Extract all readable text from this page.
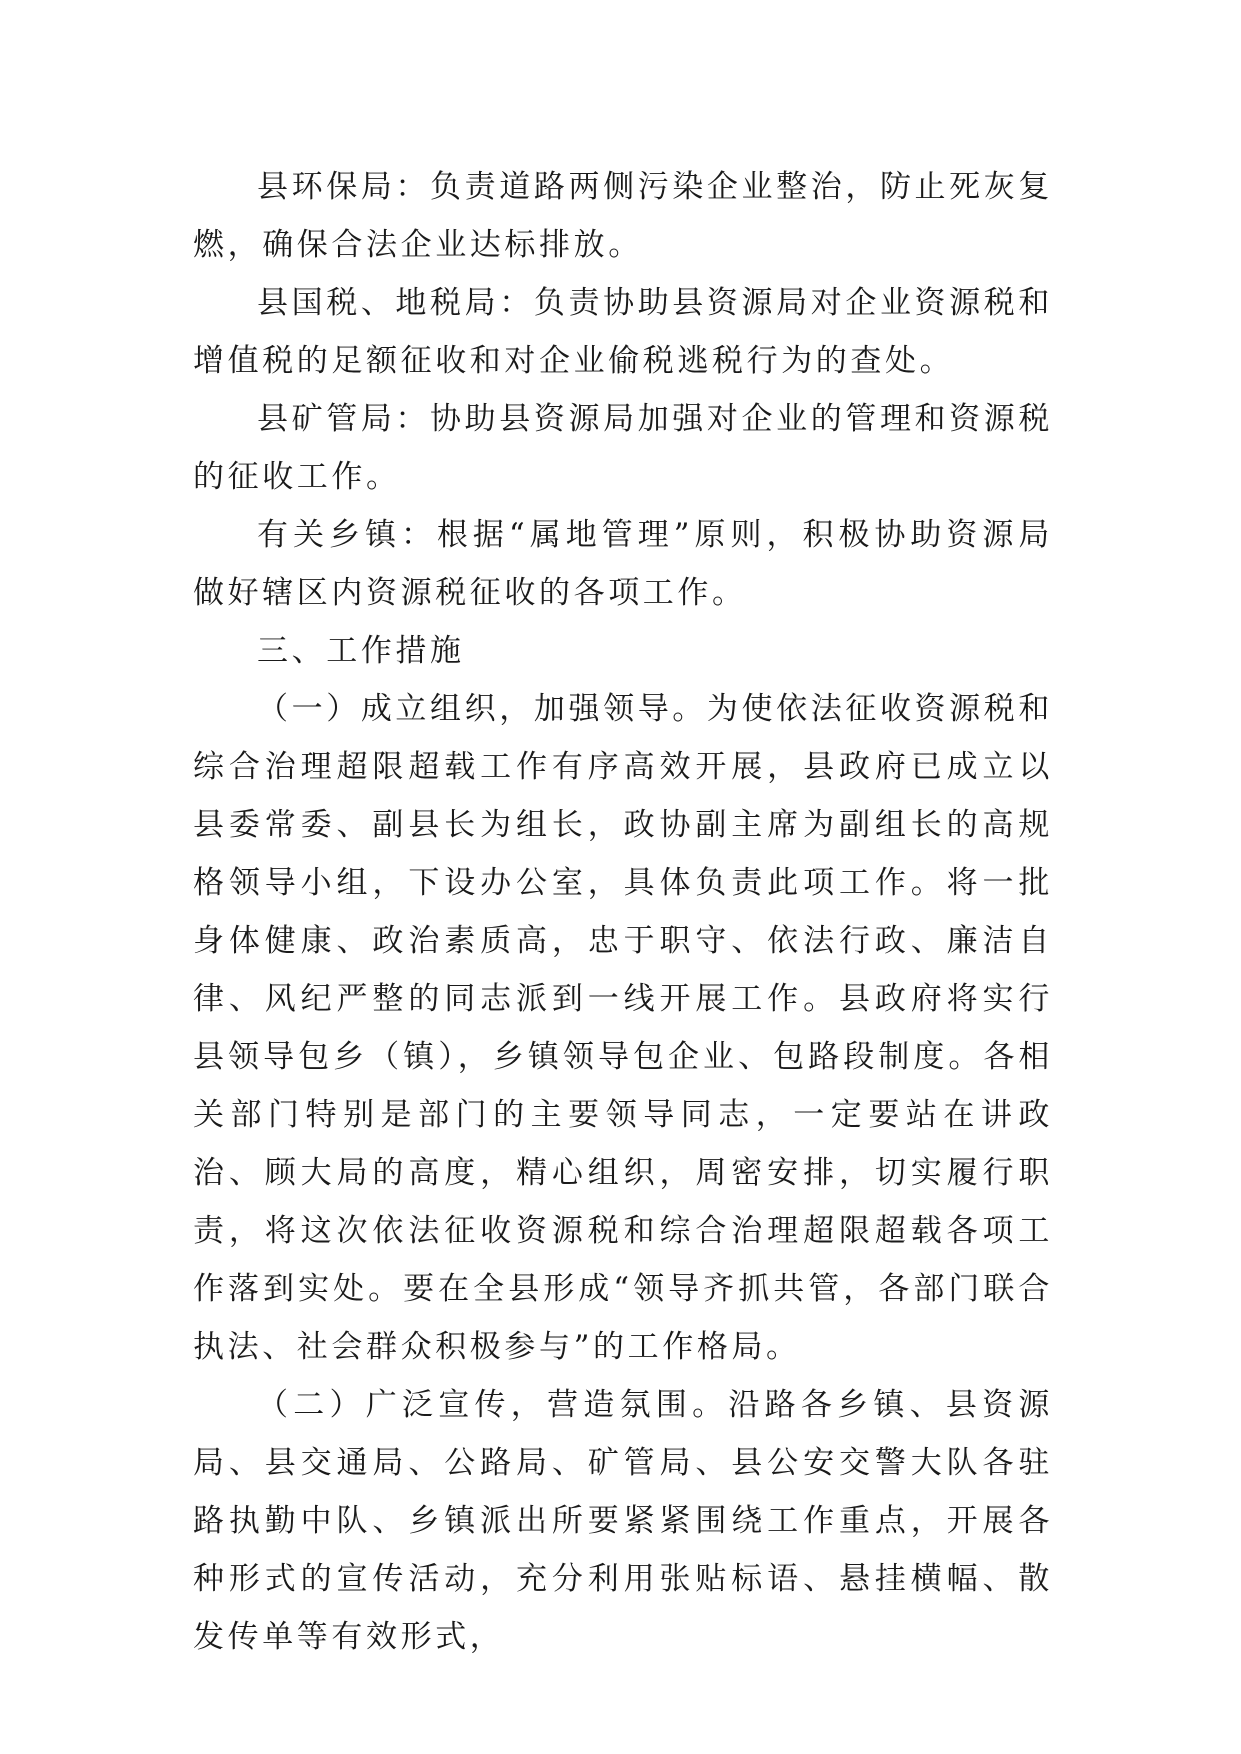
县环保局：负责道路两侧污染企业整治，防止死灰复燃，确保合法企业达标排放。

县国税、地税局：负责协助县资源局对企业资源税和增值税的足额征收和对企业偷税逃税行为的查处。

县矿管局：协助县资源局加强对企业的管理和资源税的征收工作。

有关乡镇：根据“属地管理”原则，积极协助资源局做好辖区内资源税征收的各项工作。

三、工作措施

（一）成立组织，加强领导。为使依法征收资源税和综合治理超限超载工作有序高效开展，县政府已成立以县委常委、副县长为组长，政协副主席为副组长的高规格领导小组，下设办公室，具体负责此项工作。将一批身体健康、政治素质高，忠于职守、依法行政、廉洁自律、风纪严整的同志派到一线开展工作。县政府将实行县领导包乡（镇），乡镇领导包企业、包路段制度。各相关部门特别是部门的主要领导同志，一定要站在讲政治、顾大局的高度，精心组织，周密安排，切实履行职责，将这次依法征收资源税和综合治理超限超载各项工作落到实处。要在全县形成“领导齐抓共管，各部门联合执法、社会群众积极参与”的工作格局。

（二）广泛宣传，营造氛围。沿路各乡镇、县资源局、县交通局、公路局、矿管局、县公安交警大队各驻路执勤中队、乡镇派出所要紧紧围绕工作重点，开展各种形式的宣传活动，充分利用张贴标语、悬挂横幅、散发传单等有效形式，
